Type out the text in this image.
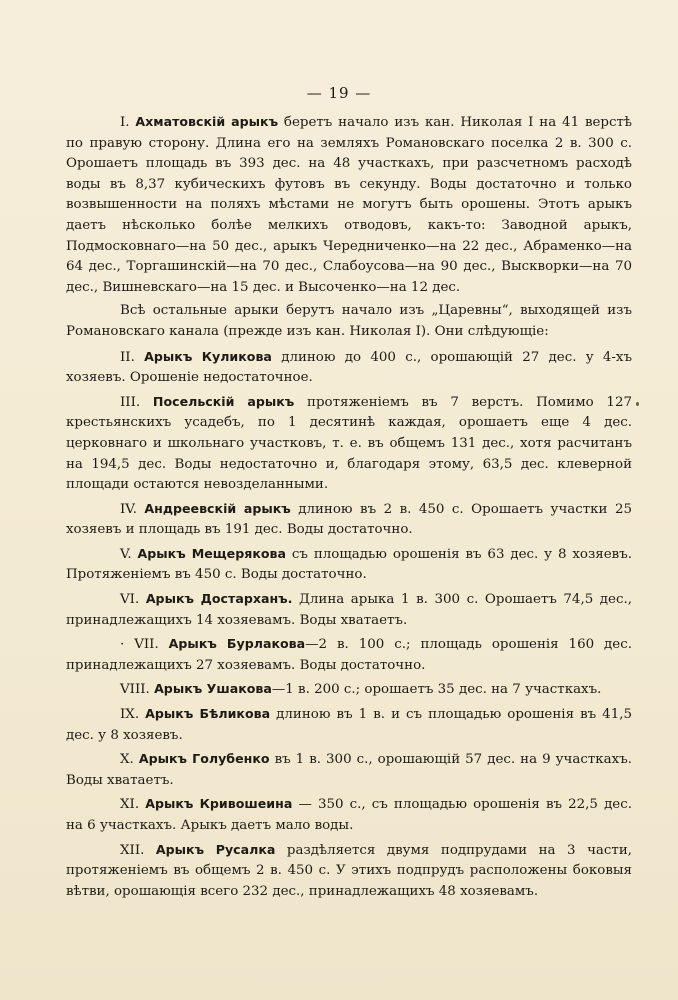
— 19 —

I. Ахматовскiй арыкъ беретъ начало изъ кан. Николая I на 41 верстѣ по правую сторону. Длина его на земляхъ Романовскаго поселка 2 в. 300 с. Орошаетъ площадь въ 393 дес. на 48 участкахъ, при разсчетномъ расходѣ воды въ 8,37 кубическихъ футовъ въ секунду. Воды достаточно и только возвышенности на поляхъ мѣстами не могутъ быть орошены. Этотъ арыкъ даетъ нѣсколько болѣе мелкихъ отводовъ, какъ-то: Заводной арыкъ, Подмосковнаго—на 50 дес., арыкъ Чередниченко—на 22 дес., Абраменко—на 64 дес., Торгашинскiй—на 70 дес., Слабоусова—на 90 дес., Выскворки—на 70 дес., Вишневскаго—на 15 дес. и Высоченко—на 12 дес.

Всѣ остальные арыки берутъ начало изъ „Царевны“, выходящей изъ Романовскаго канала (прежде изъ кан. Николая I). Они слѣдующiе:

II. Арыкъ Куликова длиною до 400 с., орошающiй 27 дес. у 4-хъ хозяевъ. Орошенiе недостаточное.

III. Посельскiй арыкъ протяженiемъ въ 7 верстъ. Помимо 127 крестьянскихъ усадебъ, по 1 десятинѣ каждая, орошаетъ еще 4 дес. церковнаго и школьнаго участковъ, т. е. въ общемъ 131 дес., хотя расчитанъ на 194,5 дес. Воды недостаточно и, благодаря этому, 63,5 дес. клеверной площади остаются невозделанными.

IV. Андреевскiй арыкъ длиною въ 2 в. 450 с. Орошаетъ участки 25 хозяевъ и площадь въ 191 дес. Воды достаточно.

V. Арыкъ Мещерякова съ площадью орошенiя въ 63 дес. у 8 хозяевъ. Протяженiемъ въ 450 с. Воды достаточно.

VI. Арыкъ Достарханъ. Длина арыка 1 в. 300 с. Орошаетъ 74,5 дес., принадлежащихъ 14 хозяевамъ. Воды хватаетъ.

· VII. Арыкъ Бурлакова—2 в. 100 с.; площадь орошенiя 160 дес. принадлежащихъ 27 хозяевамъ. Воды достаточно.

VIII. Арыкъ Ушакова—1 в. 200 с.; орошаетъ 35 дес. на 7 участкахъ.

IX. Арыкъ Бѣликова длиною въ 1 в. и съ площадью орошенiя въ 41,5 дес. у 8 хозяевъ.

X. Арыкъ Голубенко въ 1 в. 300 с., орошающiй 57 дес. на 9 участкахъ. Воды хватаетъ.

XI. Арыкъ Кривошеина — 350 с., съ площадью орошенiя въ 22,5 дес. на 6 участкахъ. Арыкъ даетъ мало воды.

XII. Арыкъ Русалка раздѣляется двумя подпрудами на 3 части, протяженiемъ въ общемъ 2 в. 450 с. У этихъ подпрудъ расположены боковыя вѣтви, орошающiя всего 232 дес., принадлежащихъ 48 хозяевамъ.
